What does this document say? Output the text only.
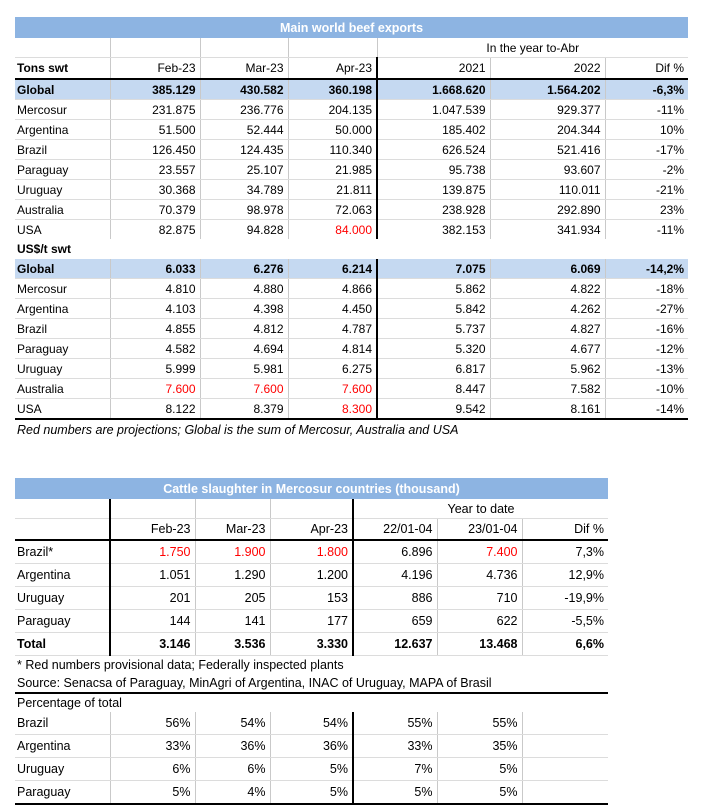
Main world beef exports						
				In the year to-Abr		
Tons swt	Feb-23	Mar-23	Apr-23	2021	2022	Dif %
Global	385.129	430.582	360.198	1.668.620	1.564.202	-6,3%
Mercosur	231.875	236.776	204.135	1.047.539	929.377	-11%
Argentina	51.500	52.444	50.000	185.402	204.344	10%
Brazil	126.450	124.435	110.340	626.524	521.416	-17%
Paraguay	23.557	25.107	21.985	95.738	93.607	-2%
Uruguay	30.368	34.789	21.811	139.875	110.011	-21%
Australia	70.379	98.978	72.063	238.928	292.890	23%
USA	82.875	94.828	84.000	382.153	341.934	-11%
US$/t swt						
Global	6.033	6.276	6.214	7.075	6.069	-14,2%
Mercosur	4.810	4.880	4.866	5.862	4.822	-18%
Argentina	4.103	4.398	4.450	5.842	4.262	-27%
Brazil	4.855	4.812	4.787	5.737	4.827	-16%
Paraguay	4.582	4.694	4.814	5.320	4.677	-12%
Uruguay	5.999	5.981	6.275	6.817	5.962	-13%
Australia	7.600	7.600	7.600	8.447	7.582	-10%
USA	8.122	8.379	8.300	9.542	8.161	-14%
Red numbers are projections; Global is the sum of Mercosur, Australia and USA
Cattle slaughter in Mercosur countries (thousand)						
				Year to date		
	Feb-23	Mar-23	Apr-23	22/01-04	23/01-04	Dif %
Brazil*	1.750	1.900	1.800	6.896	7.400	7,3%
Argentina	1.051	1.290	1.200	4.196	4.736	12,9%
Uruguay	201	205	153	886	710	-19,9%
Paraguay	144	141	177	659	622	-5,5%
Total	3.146	3.536	3.330	12.637	13.468	6,6%
* Red numbers provisional data; Federally inspected plants						
Source: Senacsa of Paraguay, MinAgri of Argentina, INAC of Uruguay, MAPA of Brasil						
Percentage of total						
Brazil	56%	54%	54%	55%	55%	
Argentina	33%	36%	36%	33%	35%	
Uruguay	6%	6%	5%	7%	5%	
Paraguay	5%	4%	5%	5%	5%	
